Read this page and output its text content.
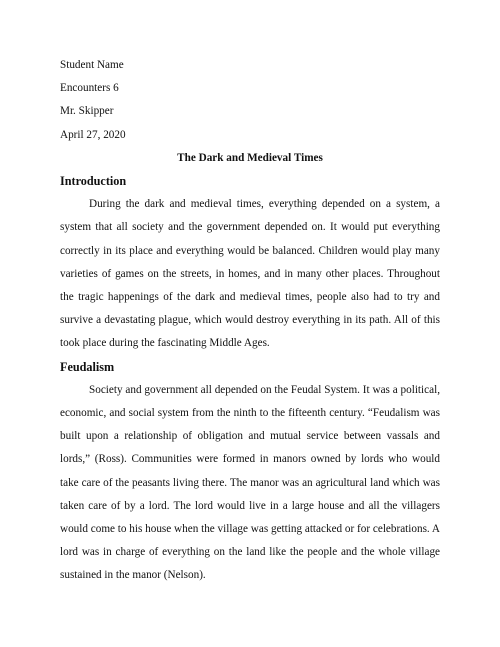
Student Name
Encounters 6
Mr. Skipper
April 27, 2020
The Dark and Medieval Times
Introduction

During the dark and medieval times, everything depended on a system, a system that all society and the government depended on. It would put everything correctly in its place and everything would be balanced. Children would play many varieties of games on the streets, in homes, and in many other places. Throughout the tragic happenings of the dark and medieval times, people also had to try and survive a devastating plague, which would destroy everything in its path. All of this took place during the fascinating Middle Ages.

Feudalism

Society and government all depended on the Feudal System. It was a political, economic, and social system from the ninth to the fifteenth century. “Feudalism was built upon a relationship of obligation and mutual service between vassals and lords,” (Ross). Communities were formed in manors owned by lords who would take care of the peasants living there. The manor was an agricultural land which was taken care of by a lord. The lord would live in a large house and all the villagers would come to his house when the village was getting attacked or for celebrations. A lord was in charge of everything on the land like the people and the whole village sustained in the manor (Nelson).
